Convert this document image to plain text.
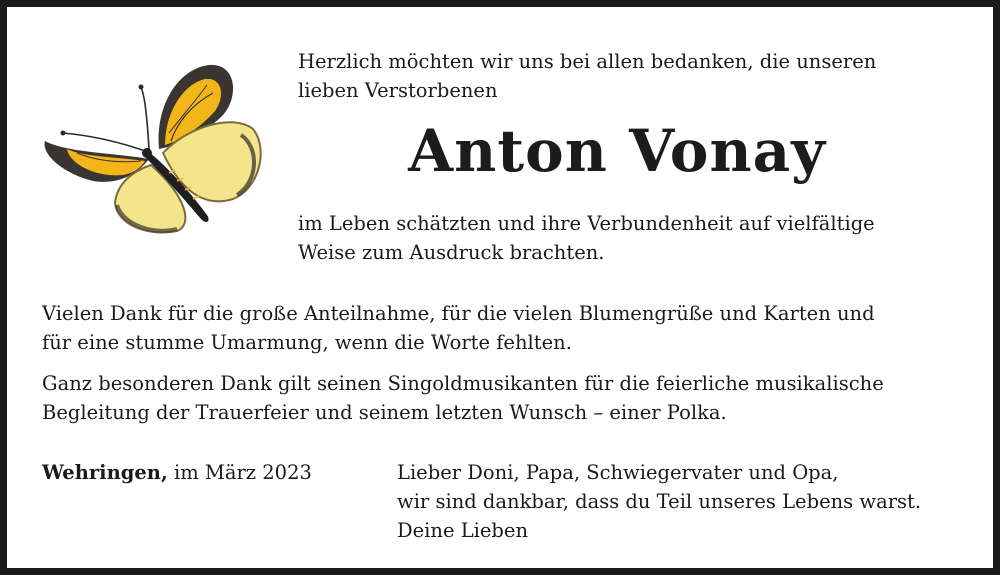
Herzlich möchten wir uns bei allen bedanken, die unseren
lieben Verstorbenen

Anton Vonay

im Leben schätzten und ihre Verbundenheit auf vielfältige
Weise zum Ausdruck brachten.

Vielen Dank für die große Anteilnahme, für die vielen Blumengrüße und Karten und
für eine stumme Umarmung, wenn die Worte fehlten.

Ganz besonderen Dank gilt seinen Singoldmusikanten für die feierliche musikalische
Begleitung der Trauerfeier und seinem letzten Wunsch – einer Polka.

Wehringen, im März 2023	Lieber Doni, Papa, Schwiegervater und Opa,
wir sind dankbar, dass du Teil unseres Lebens warst.
Deine Lieben
